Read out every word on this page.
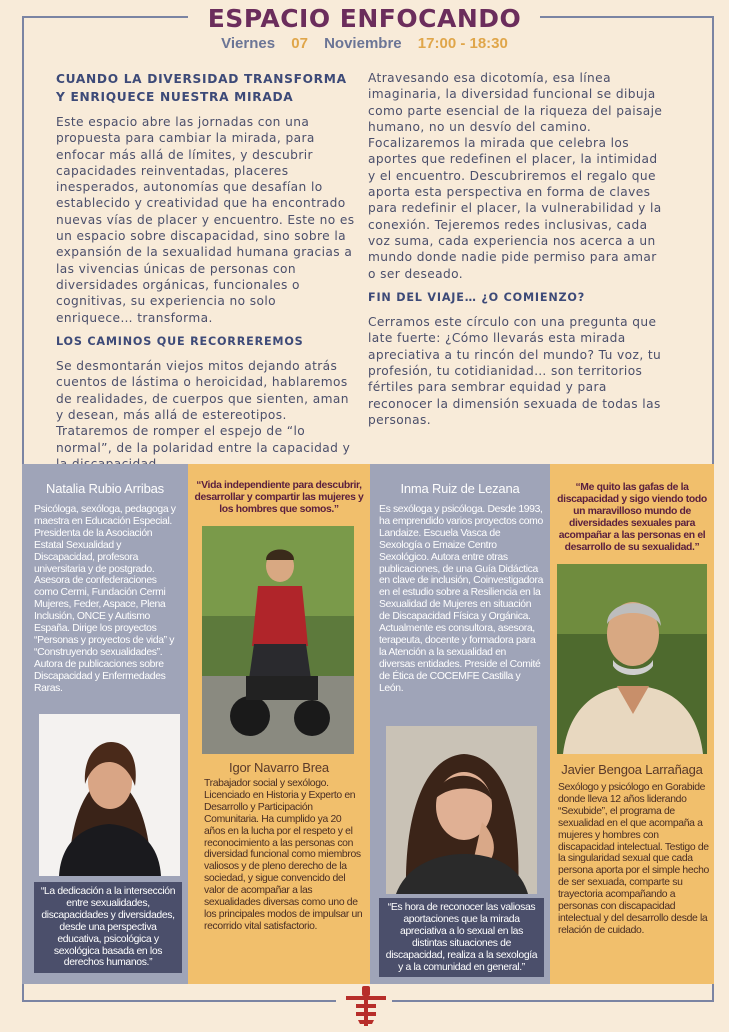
ESPACIO ENFOCANDO
Viernes 07 Noviembre 17:00 - 18:30
CUANDO LA DIVERSIDAD TRANSFORMA Y ENRIQUECE NUESTRA MIRADA

Este espacio abre las jornadas con una propuesta para cambiar la mirada, para enfocar más allá de límites, y descubrir capacidades reinventadas, placeres inesperados, autonomías que desafían lo establecido y creatividad que ha encontrado nuevas vías de placer y encuentro. Este no es un espacio sobre discapacidad, sino sobre la expansión de la sexualidad humana gracias a las vivencias únicas de personas con diversidades orgánicas, funcionales o cognitivas, su experiencia no solo enriquece… transforma.

LOS CAMINOS QUE RECORREREMOS

Se desmontarán viejos mitos dejando atrás cuentos de lástima o heroicidad, hablaremos de realidades, de cuerpos que sienten, aman y desean, más allá de estereotipos. Trataremos de romper el espejo de “lo normal”, de la polaridad entre la capacidad y

Atravesando esa dicotomía, esa línea imaginaria, la diversidad funcional se dibuja como parte esencial de la riqueza del paisaje humano, no un desvío del camino. Focalizaremos la mirada que celebra los aportes que redefinen el placer, la intimidad y el encuentro. Descubriremos el regalo que aporta esta perspectiva en forma de claves para redefinir el placer, la vulnerabilidad y la conexión. Tejeremos redes inclusivas, cada voz suma, cada experiencia nos acerca a un mundo donde nadie pide permiso para amar o ser deseado.

FIN DEL VIAJE… ¿O COMIENZO?

Cerramos este círculo con una pregunta que late fuerte: ¿Cómo llevarás esta mirada apreciativa a tu rincón del mundo? Tu voz, tu profesión, tu cotidianidad… son territorios fértiles para sembrar equidad y para reconocer la dimensión sexuada de todas las personas.

Natalia Rubio Arribas
Psicóloga, sexóloga, pedagoga y maestra en Educación Especial. Presidenta de la Asociación Estatal Sexualidad y Discapacidad, profesora universitaria y de postgrado. Asesora de confederaciones como Cermi, Fundación Cermi Mujeres, Feder, Aspace, Plena Inclusión, ONCE y Autismo España. Dirige los proyectos “Personas y proyectos de vida” y “Construyendo sexualidades”. Autora de publicaciones sobre Discapacidad y Enfermedades Raras.
“La dedicación a la intersección entre sexualidades, discapacidades y diversidades, desde una perspectiva educativa, psicológica y sexológica basada en los derechos humanos.”
“Vida independiente para descubrir, desarrollar y compartir las mujeres y los hombres que somos.”
Igor Navarro Brea
Trabajador social y sexólogo. Licenciado en Historia y Experto en Desarrollo y Participación Comunitaria. Ha cumplido ya 20 años en la lucha por el respeto y el reconocimiento a las personas con diversidad funcional como miembros valiosos y de pleno derecho de la sociedad, y sigue convencido del valor de acompañar a las sexualidades diversas como uno de los principales modos de impulsar un recorrido vital satisfactorio.
Inma Ruiz de Lezana
Es sexóloga y psicóloga. Desde 1993, ha emprendido varios proyectos como Landaize. Escuela Vasca de Sexología o Emaize Centro Sexológico. Autora entre otras publicaciones, de una Guía Didáctica en clave de inclusión, Coinvestigadora en el estudio sobre a Resiliencia en la Sexualidad de Mujeres en situación de Discapacidad Física y Orgánica. Actualmente es consultora, asesora, terapeuta, docente y formadora para la Atención a la sexualidad en diversas entidades. Preside el Comité de Ética de COCEMFE Castilla y León.
“Es hora de reconocer las valiosas aportaciones que la mirada apreciativa a lo sexual en las distintas situaciones de discapacidad, realiza a la sexología y a la comunidad en general.”
“Me quito las gafas de la discapacidad y sigo viendo todo un maravilloso mundo de diversidades sexuales para acompañar a las personas en el desarrollo de su sexualidad.”
Javier Bengoa Larrañaga
Sexólogo y psicólogo en Gorabide donde lleva 12 años liderando “Sexubide”, el programa de sexualidad en el que acompaña a mujeres y hombres con discapacidad intelectual. Testigo de la singularidad sexual que cada persona aporta por el simple hecho de ser sexuada, comparte su trayectoria acompañando a personas con discapacidad intelectual y del desarrollo desde la relación de cuidado.
